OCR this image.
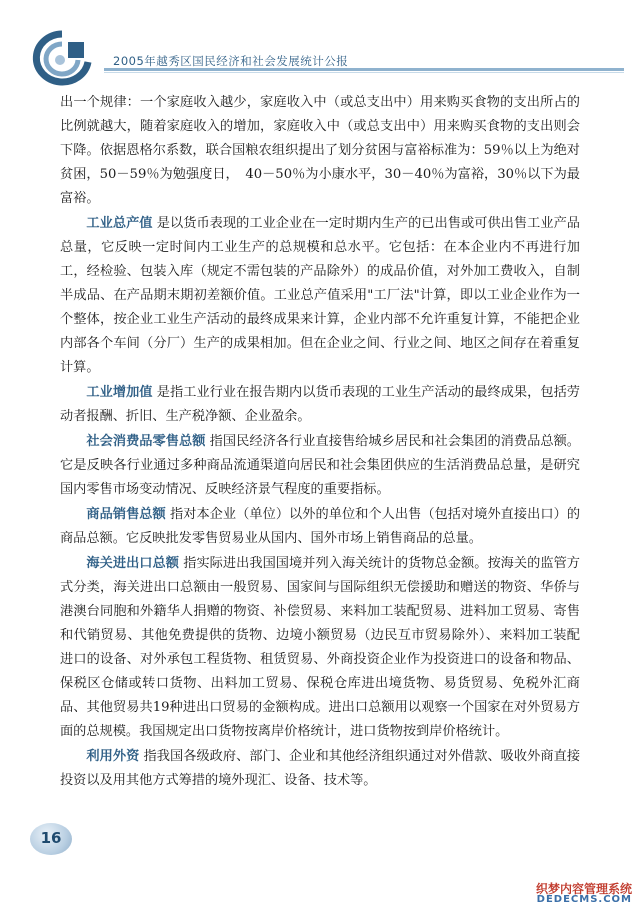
2005年越秀区国民经济和社会发展统计公报

出一个规律：一个家庭收入越少，家庭收入中（或总支出中）用来购买食物的支出所占的比例就越大，随着家庭收入的增加，家庭收入中（或总支出中）用来购买食物的支出则会下降。依据恩格尔系数，联合国粮农组织提出了划分贫困与富裕标准为：59％以上为绝对贫困，50－59％为勉强度日，　40－50％为小康水平，30－40％为富裕，30％以下为最富裕。

工业总产值 是以货币表现的工业企业在一定时期内生产的已出售或可供出售工业产品总量，它反映一定时间内工业生产的总规模和总水平。它包括：在本企业内不再进行加工，经检验、包装入库（规定不需包装的产品除外）的成品价值，对外加工费收入，自制半成品、在产品期末期初差额价值。工业总产值采用"工厂法"计算，即以工业企业作为一个整体，按企业工业生产活动的最终成果来计算，企业内部不允许重复计算，不能把企业内部各个车间（分厂）生产的成果相加。但在企业之间、行业之间、地区之间存在着重复计算。

工业增加值 是指工业行业在报告期内以货币表现的工业生产活动的最终成果，包括劳动者报酬、折旧、生产税净额、企业盈余。

社会消费品零售总额 指国民经济各行业直接售给城乡居民和社会集团的消费品总额。它是反映各行业通过多种商品流通渠道向居民和社会集团供应的生活消费品总量，是研究国内零售市场变动情况、反映经济景气程度的重要指标。

商品销售总额 指对本企业（单位）以外的单位和个人出售（包括对境外直接出口）的商品总额。它反映批发零售贸易业从国内、国外市场上销售商品的总量。

海关进出口总额 指实际进出我国国境并列入海关统计的货物总金额。按海关的监管方式分类，海关进出口总额由一般贸易、国家间与国际组织无偿援助和赠送的物资、华侨与港澳台同胞和外籍华人捐赠的物资、补偿贸易、来料加工装配贸易、进料加工贸易、寄售和代销贸易、其他免费提供的货物、边境小额贸易（边民互市贸易除外）、来料加工装配进口的设备、对外承包工程货物、租赁贸易、外商投资企业作为投资进口的设备和物品、保税区仓储或转口货物、出料加工贸易、保税仓库进出境货物、易货贸易、免税外汇商品、其他贸易共19种进出口贸易的金额构成。进出口总额用以观察一个国家在对外贸易方面的总规模。我国规定出口货物按离岸价格统计，进口货物按到岸价格统计。

利用外资 指我国各级政府、部门、企业和其他经济组织通过对外借款、吸收外商直接投资以及用其他方式筹措的境外现汇、设备、技术等。

16
织梦内容管理系统
DEDECMS.COM
